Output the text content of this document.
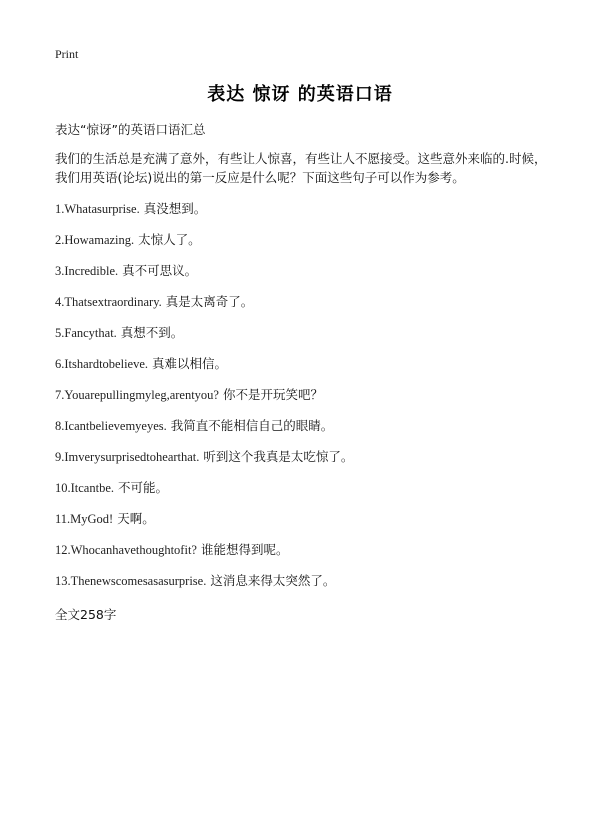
Print
表达 惊讶 的英语口语
表达“惊讶”的英语口语汇总
我们的生活总是充满了意外，有些让人惊喜，有些让人不愿接受。这些意外来临的.时候，我们用英语(论坛)说出的第一反应是什么呢？下面这些句子可以作为参考。
1.Whatasurprise. 真没想到。
2.Howamazing. 太惊人了。
3.Incredible. 真不可思议。
4.Thatsextraordinary. 真是太离奇了。
5.Fancythat. 真想不到。
6.Itshardtobelieve. 真难以相信。
7.Youarepullingmyleg,arentyou? 你不是开玩笑吧？
8.Icantbelievemyeyes. 我简直不能相信自己的眼睛。
9.Imverysurprisedtohearthat. 听到这个我真是太吃惊了。
10.Itcantbe. 不可能。
11.MyGod! 天啊。
12.Whocanhavethoughtofit? 谁能想得到呢。
13.Thenewscomesasasurprise. 这消息来得太突然了。
全文258字
